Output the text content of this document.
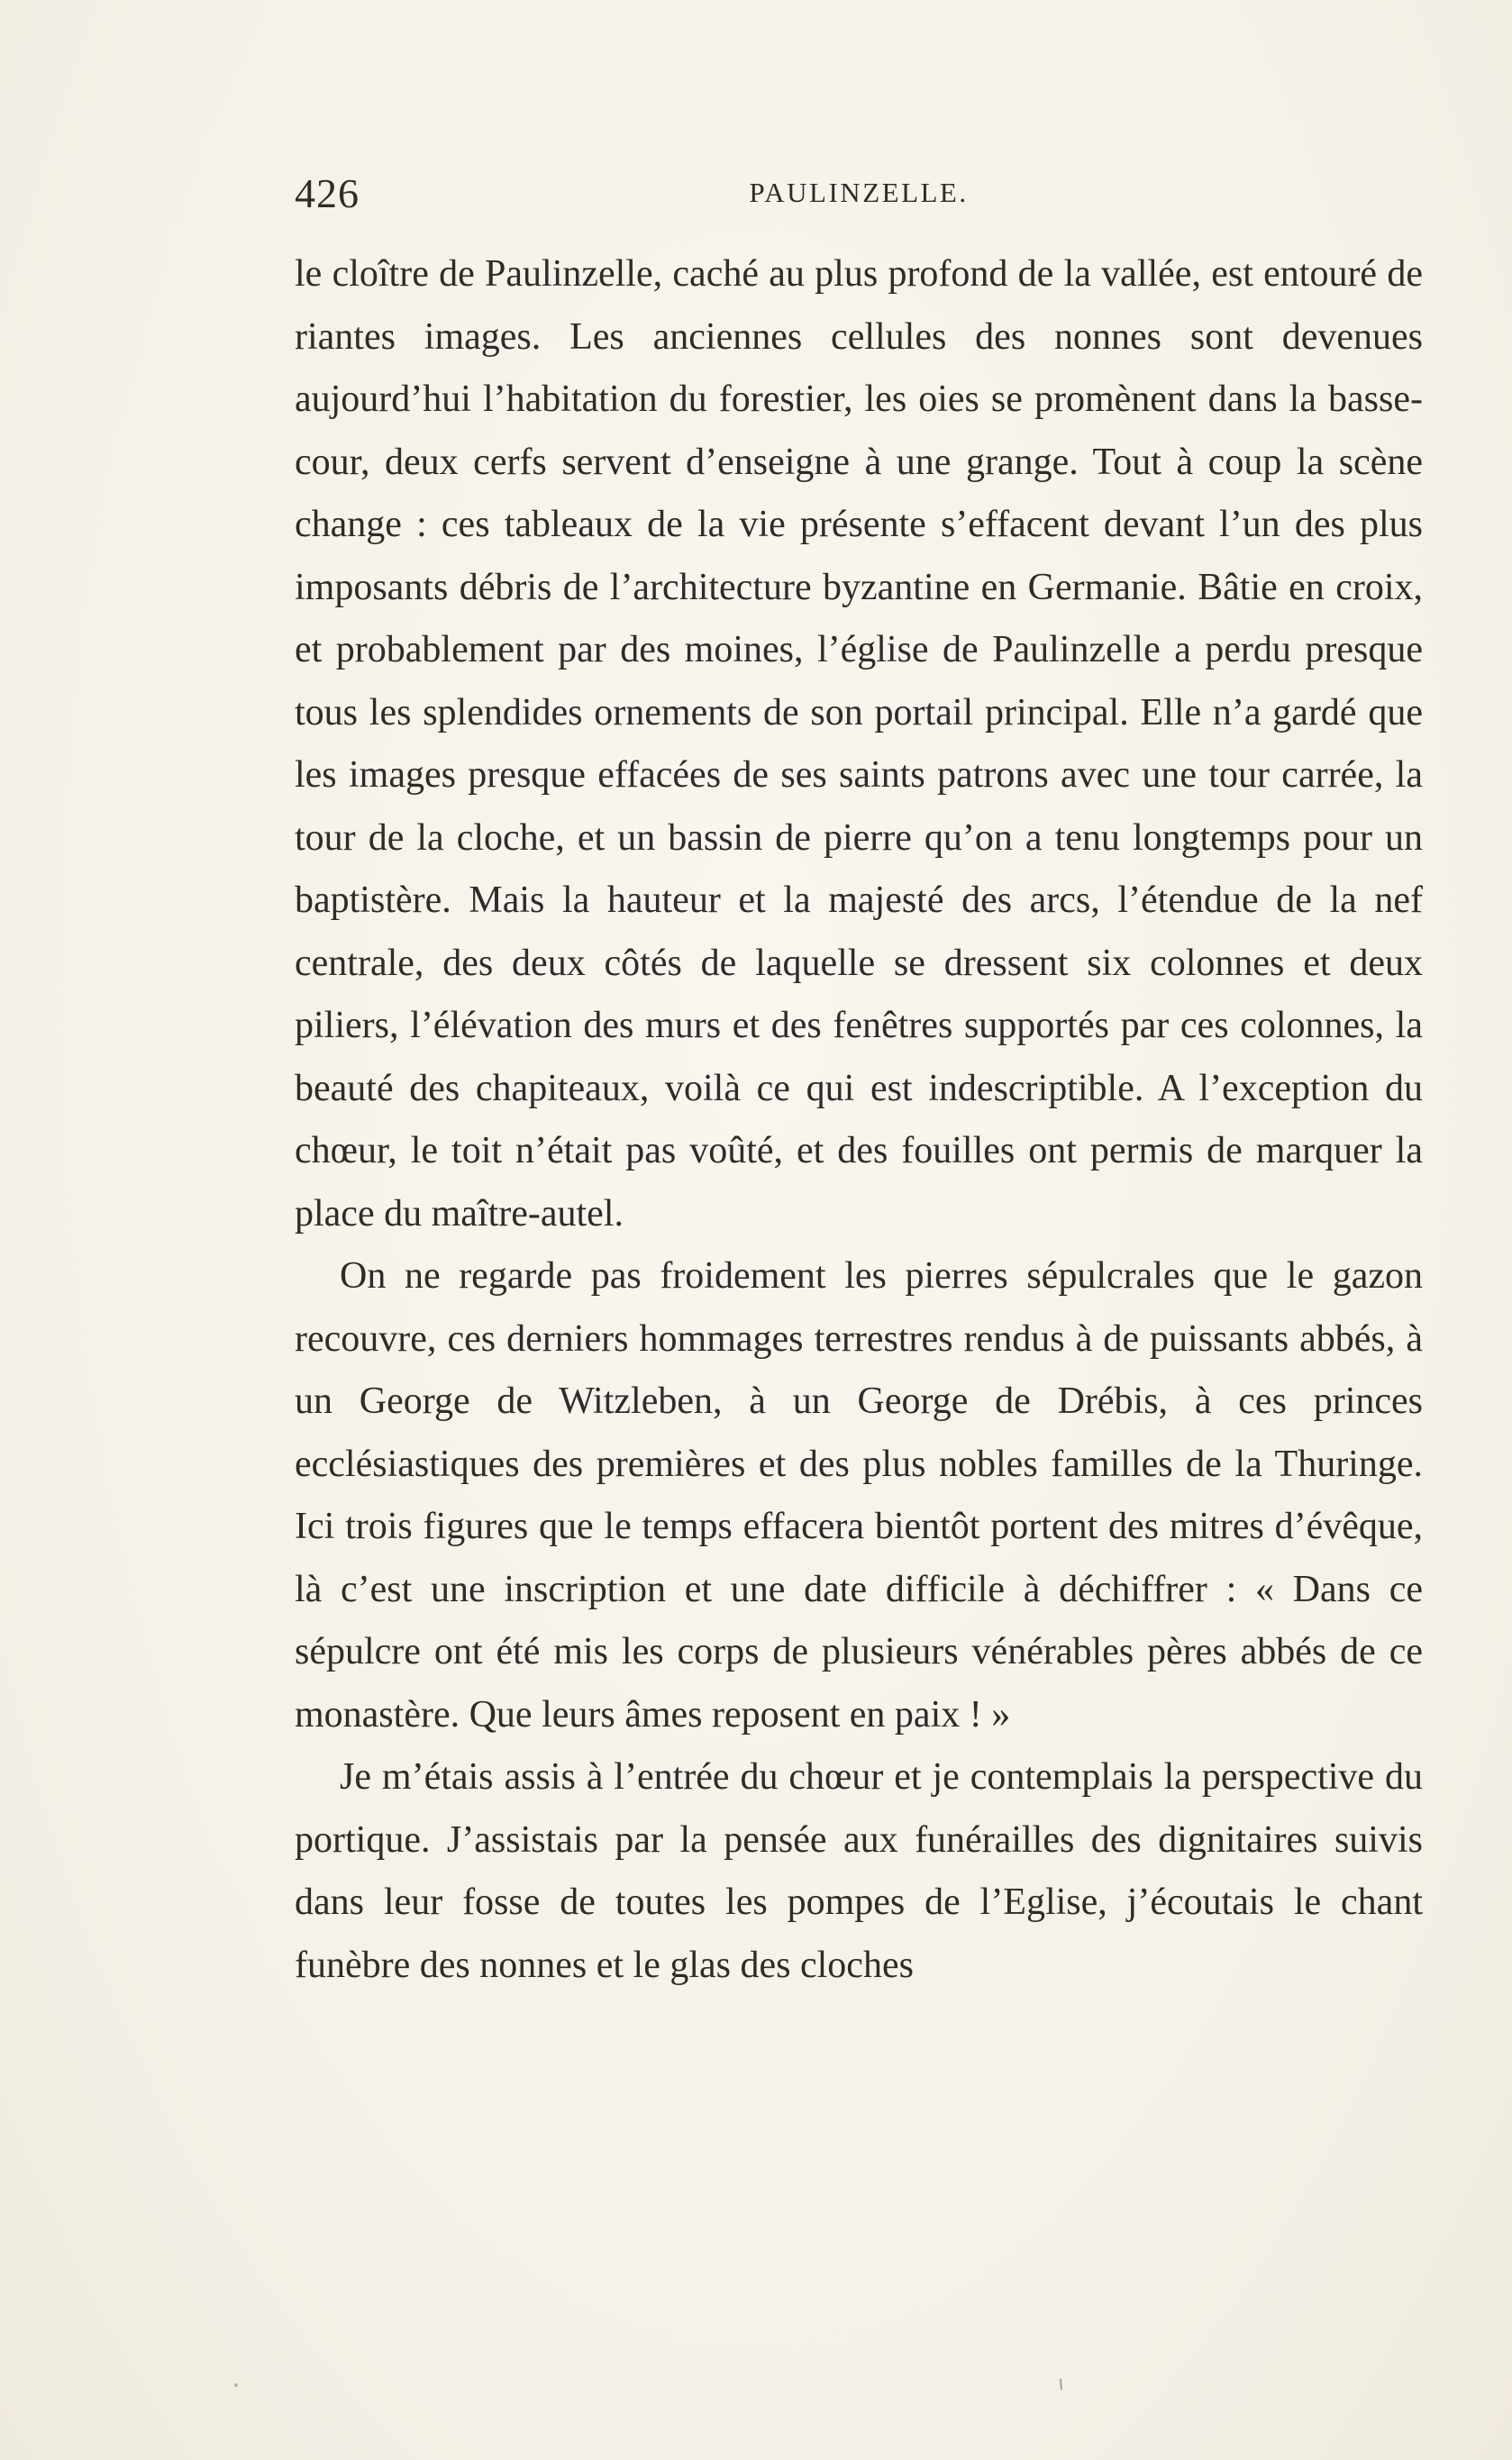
426	PAULINZELLE.

le cloître de Paulinzelle, caché au plus profond de la vallée, est entouré de riantes images. Les anciennes cellules des nonnes sont devenues aujourd’hui l’habitation du forestier, les oies se promènent dans la basse-cour, deux cerfs servent d’enseigne à une grange. Tout à coup la scène change : ces tableaux de la vie présente s’effacent devant l’un des plus imposants débris de l’architecture byzantine en Germanie. Bâtie en croix, et probablement par des moines, l’église de Paulinzelle a perdu presque tous les splendides ornements de son portail principal. Elle n’a gardé que les images presque effacées de ses saints patrons avec une tour carrée, la tour de la cloche, et un bassin de pierre qu’on a tenu longtemps pour un baptistère. Mais la hauteur et la majesté des arcs, l’étendue de la nef centrale, des deux côtés de laquelle se dressent six colonnes et deux piliers, l’élévation des murs et des fenêtres supportés par ces colonnes, la beauté des chapiteaux, voilà ce qui est indescriptible. A l’exception du chœur, le toit n’était pas voûté, et des fouilles ont permis de marquer la place du maître-autel.

On ne regarde pas froidement les pierres sépulcrales que le gazon recouvre, ces derniers hommages terrestres rendus à de puissants abbés, à un George de Witzleben, à un George de Drébis, à ces princes ecclésiastiques des premières et des plus nobles familles de la Thuringe. Ici trois figures que le temps effacera bientôt portent des mitres d’évêque, là c’est une inscription et une date difficile à déchiffrer : « Dans ce sépulcre ont été mis les corps de plusieurs vénérables pères abbés de ce monastère. Que leurs âmes reposent en paix ! »

Je m’étais assis à l’entrée du chœur et je contemplais la perspective du portique. J’assistais par la pensée aux funérailles des dignitaires suivis dans leur fosse de toutes les pompes de l’Eglise, j’écoutais le chant funèbre des nonnes et le glas des cloches
